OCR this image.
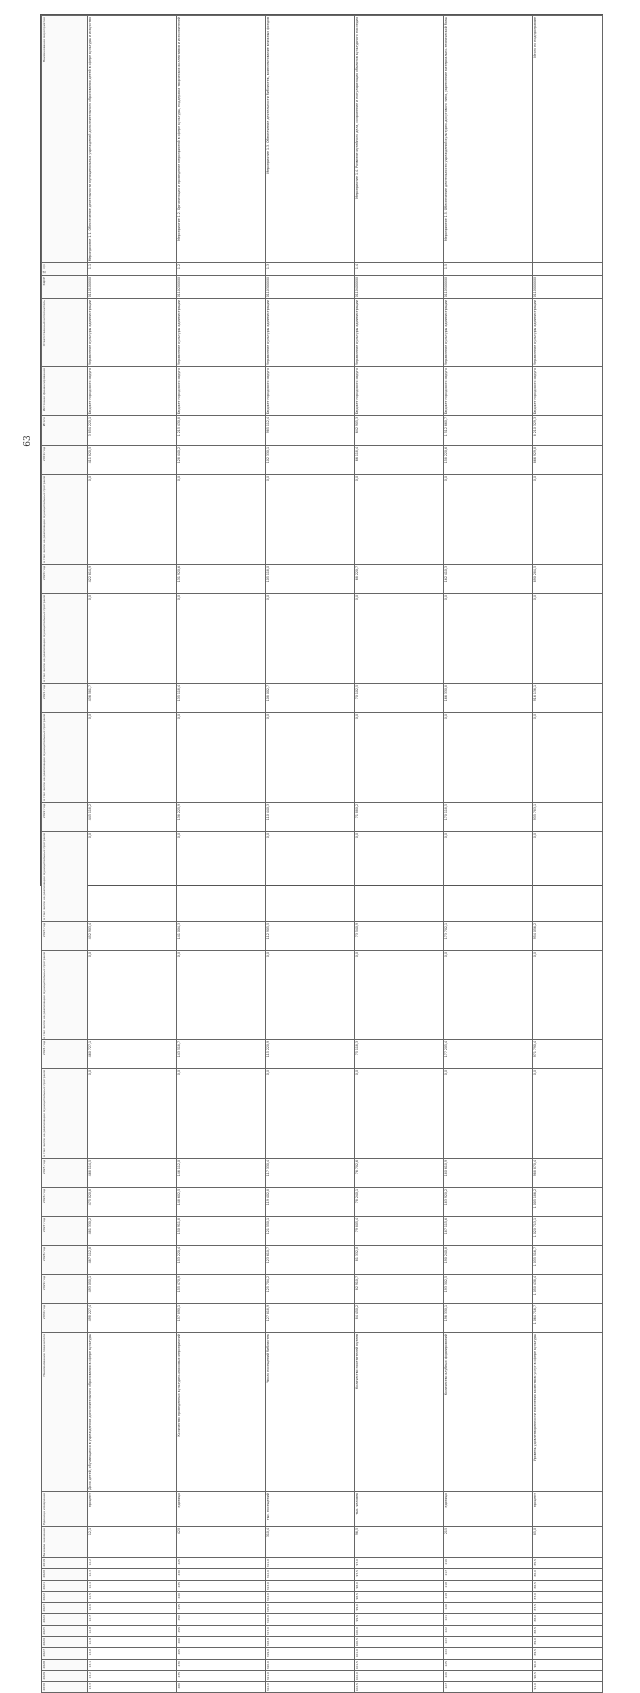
63
Наименование мероприятия	Мероприятие 1.1. Обеспечение деятельности муниципальных учреждений дополнительного образования детей в сфере культуры и искусства	Мероприятие 1.2. Организация и проведение мероприятий в сфере культуры, поддержка творческих коллективов и исполнителей	Мероприятие 1.3. Обеспечение деятельности библиотек, комплектование книжных фондов	Мероприятие 1.4. Развитие музейного дела, сохранение и популяризация объектов культурного наследия	Мероприятие 1.5. Обеспечение деятельности учреждений культурно-досугового типа, укрепление материально-технической базы	Итого по подпрограмме

№ п/п	1.1	1.2	1.3	1.4	1.5	

КЦСР	0110100000	0110200000	0110300000	0110400000	0110500000	0110000000

Ответственный исполнитель	Управление культуры администрации	Управление культуры администрации	Управление культуры администрации	Управление культуры администрации	Управление культуры администрации	Управление культуры администрации

Источник финансирования	Бюджет городского округа	Бюджет городского округа	Бюджет городского округа	Бюджет городского округа	Бюджет городского округа	Бюджет городского округа

Итого	3 854 220,1	1 215 430,8	985 112,4	642 905,3	1 512 660,7	8 210 329,3

2019 год	411 820,5	128 440,2	102 330,1	66 118,4	158 220,6	866 929,8

в том числе на реализацию муниципальных программ	0,0	0,0	0,0	0,0	0,0	0,0

2020 год	422 614,9	131 920,6	105 118,0	68 220,7	162 410,3	890 284,5

в том числе на реализацию муниципальных программ	0,0	0,0	0,0	0,0	0,0	0,0

2021 год	436 581,7	135 118,4	108 002,7	70 102,5	166 330,8	916 136,1

в том числе на реализацию муниципальных программ	0,0	0,0	0,0	0,0	0,0	0,0

2022 год	445 118,2	138 225,9	110 440,3	71 880,2	170 118,5	935 783,1

в том числе на реализацию муниципальных программ	0,0	0,0	0,0	0,0	0,0	0,0

2023 год	452 903,4	141 004,3	112 905,5	73 540,9	173 702,1	954 056,2

в том числе на реализацию муниципальных программ	0,0	0,0	0,0	0,0	0,0	0,0

2024 год	460 727,1	143 518,7	115 220,9	75 118,3	177 205,4	971 790,4

в том числе на реализацию муниципальных программ	0,0	0,0	0,0	0,0	0,0	0,0

2025 год	468 114,5	146 112,0	117 330,4	76 702,6	180 610,9	988 870,4

2026 год	475 020,6	148 602,5	119 402,8	78 240,1	183 920,2	1 005 186,2

2027 год	481 330,2	150 911,8	121 550,1	79 805,4	187 115,6	1 020 713,1

2028 год	487 112,8	153 220,4	123 610,7	81 332,0	190 240,8	1 035 516,7

2029 год	493 050,1	155 470,9	125 704,2	82 910,7	193 302,5	1 050 438,4

2030 год	498 227,4	157 890,1	127 818,9	84 450,2	196 330,1	1 064 716,7

Наименование показателя	Доля детей, обучающихся в учреждениях дополнительного образования в сфере культуры	Количество проведенных культурно-массовых мероприятий	Число посещений библиотек	Количество посетителей музеев	Количество клубных формирований	Уровень удовлетворенности населения качеством услуг в сфере культуры

Единица измерения	процент	единица	тыс. посещений	тыс. человек	единица	процент

Базовое значение	12,1	420	310,4	96,5	215	85,0

2019	12,2	425	311,0	97,0	216	85,5

2020	12,3	430	312,0	97,5	217	86,0

2021	12,4	435	313,0	98,0	218	86,5

2022	12,5	440	314,0	98,5	219	87,0

2023	12,6	445	315,0	99,0	220	87,5

2024	12,7	450	316,0	99,5	221	88,0

2025	12,8	455	317,0	100,0	222	88,5

2026	12,9	460	318,0	100,5	223	89,0

2027	13,0	465	319,0	101,0	224	89,5

2028	13,1	470	320,0	101,5	225	90,0

2029	13,2	475	321,0	102,0	226	90,5

2030	13,3	480	322,0	102,5	227	91,0
